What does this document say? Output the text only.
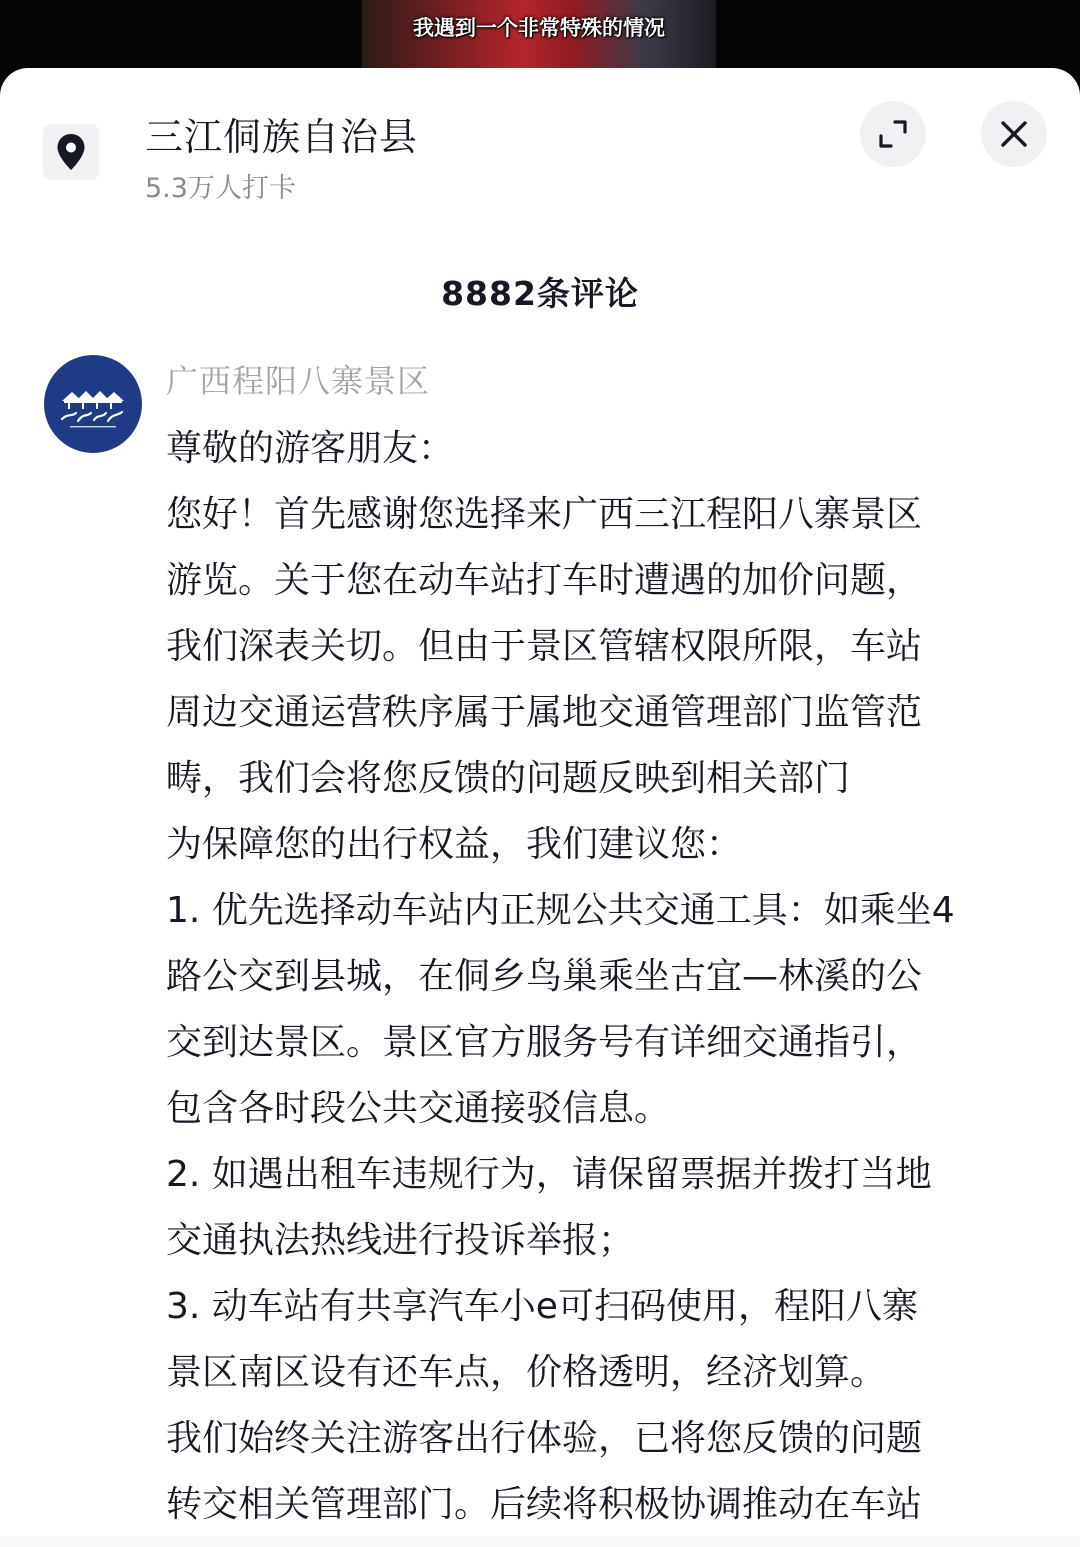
我遇到一个非常特殊的情况
三江侗族自治县
5.3万人打卡
8882条评论
广西程阳八寨景区
尊敬的游客朋友：
您好！首先感谢您选择来广西三江程阳八寨景区
游览。关于您在动车站打车时遭遇的加价问题，
我们深表关切。但由于景区管辖权限所限，车站
周边交通运营秩序属于属地交通管理部门监管范
畴，我们会将您反馈的问题反映到相关部门
为保障您的出行权益，我们建议您：
1. 优先选择动车站内正规公共交通工具：如乘坐4
路公交到县城，在侗乡鸟巢乘坐古宜—林溪的公
交到达景区。景区官方服务号有详细交通指引，
包含各时段公共交通接驳信息。
2. 如遇出租车违规行为，请保留票据并拨打当地
交通执法热线进行投诉举报；
3. 动车站有共享汽车小e可扫码使用，程阳八寨
景区南区设有还车点，价格透明，经济划算。
我们始终关注游客出行体验，已将您反馈的问题
转交相关管理部门。后续将积极协调推动在车站
